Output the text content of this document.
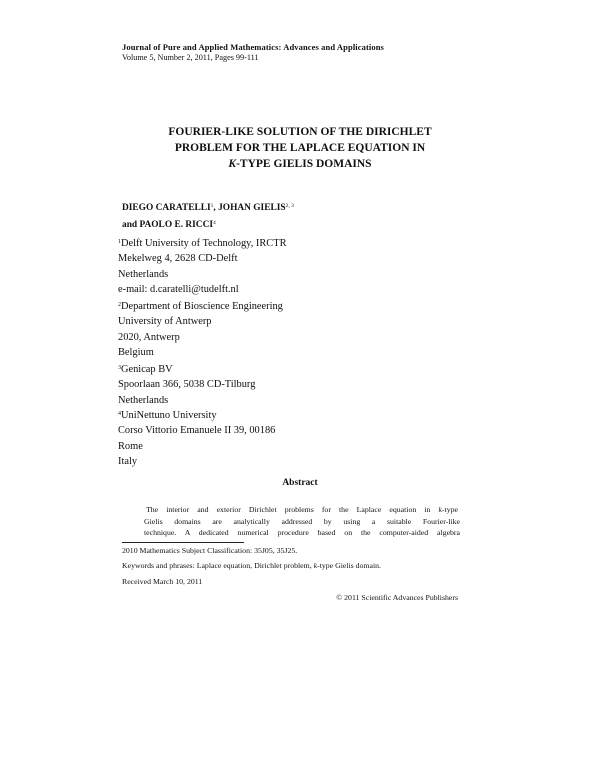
Journal of Pure and Applied Mathematics: Advances and Applications
Volume 5, Number 2, 2011, Pages 99-111
FOURIER-LIKE SOLUTION OF THE DIRICHLET
PROBLEM FOR THE LAPLACE EQUATION IN
K-TYPE GIELIS DOMAINS
DIEGO CARATELLI$^1$, JOHAN GIELIS$^{2, 3}$
and PAOLO E. RICCI$^4$
$^1$Delft University of Technology, IRCTR
Mekelweg 4, 2628 CD-Delft
Netherlands
e-mail: d.caratelli@tudelft.nl
$^2$Department of Bioscience Engineering
University of Antwerp
2020, Antwerp
Belgium
$^3$Genicap BV
Spoorlaan 366, 5038 CD-Tilburg
Netherlands
$^4$UniNettuno University
Corso Vittorio Emanuele II 39, 00186
Rome
Italy
Abstract
The interior and exterior Dirichlet problems for the Laplace equation in k-type
Gielis domains are analytically addressed by using a suitable Fourier-like
technique. A dedicated numerical procedure based on the computer-aided algebra
2010 Mathematics Subject Classification: 35J05, 35J25.
Keywords and phrases: Laplace equation, Dirichlet problem, k-type Gielis domain.
Received March 10, 2011
© 2011 Scientific Advances Publishers
